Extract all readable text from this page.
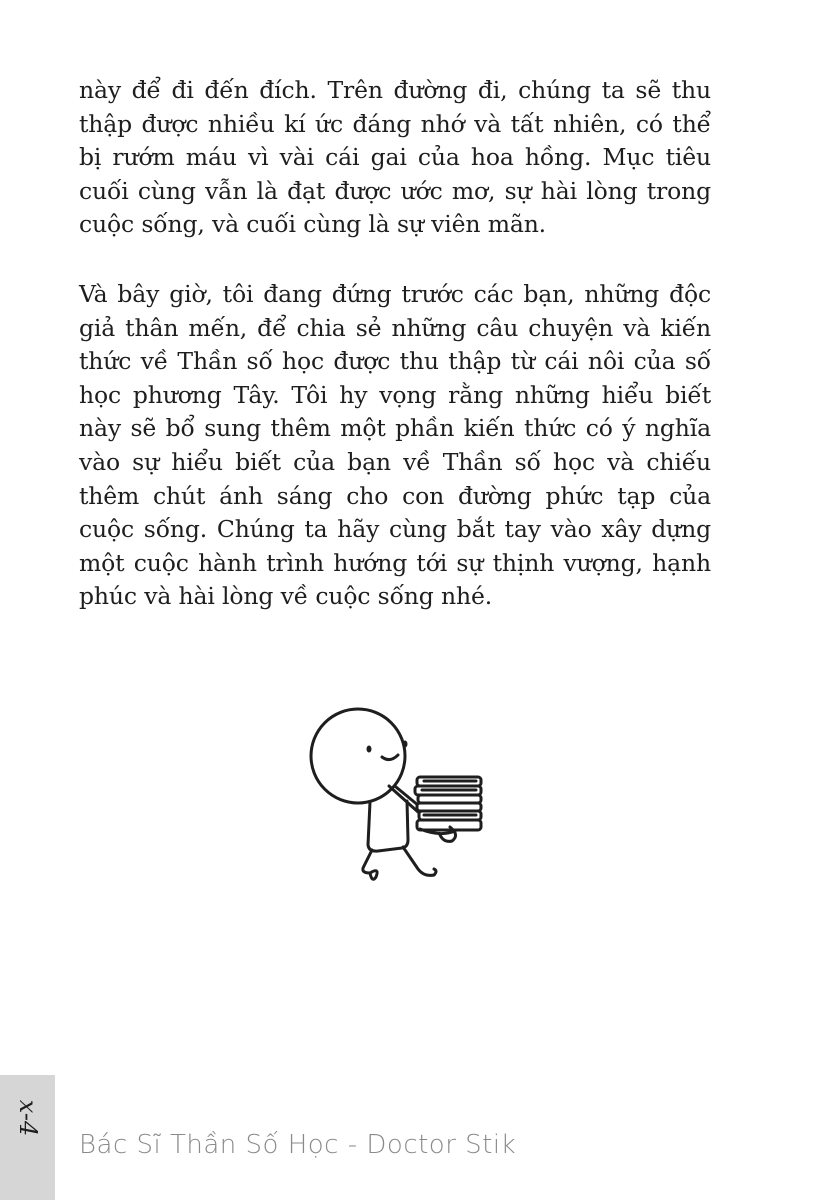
này để đi đến đích. Trên đường đi, chúng ta sẽ thu thập được nhiều kí ức đáng nhớ và tất nhiên, có thể bị rướm máu vì vài cái gai của hoa hồng. Mục tiêu cuối cùng vẫn là đạt được ước mơ, sự hài lòng trong cuộc sống, và cuối cùng là sự viên mãn.

Và bây giờ, tôi đang đứng trước các bạn, những độc giả thân mến, để chia sẻ những câu chuyện và kiến thức về Thần số học được thu thập từ cái nôi của số học phương Tây. Tôi hy vọng rằng những hiểu biết này sẽ bổ sung thêm một phần kiến thức có ý nghĩa vào sự hiểu biết của bạn về Thần số học và chiếu thêm chút ánh sáng cho con đường phức tạp của cuộc sống. Chúng ta hãy cùng bắt tay vào xây dựng một cuộc hành trình hướng tới sự thịnh vượng, hạnh phúc và hài lòng về cuộc sống nhé.

x-4
Bác Sĩ Thần Số Học - Doctor Stik
